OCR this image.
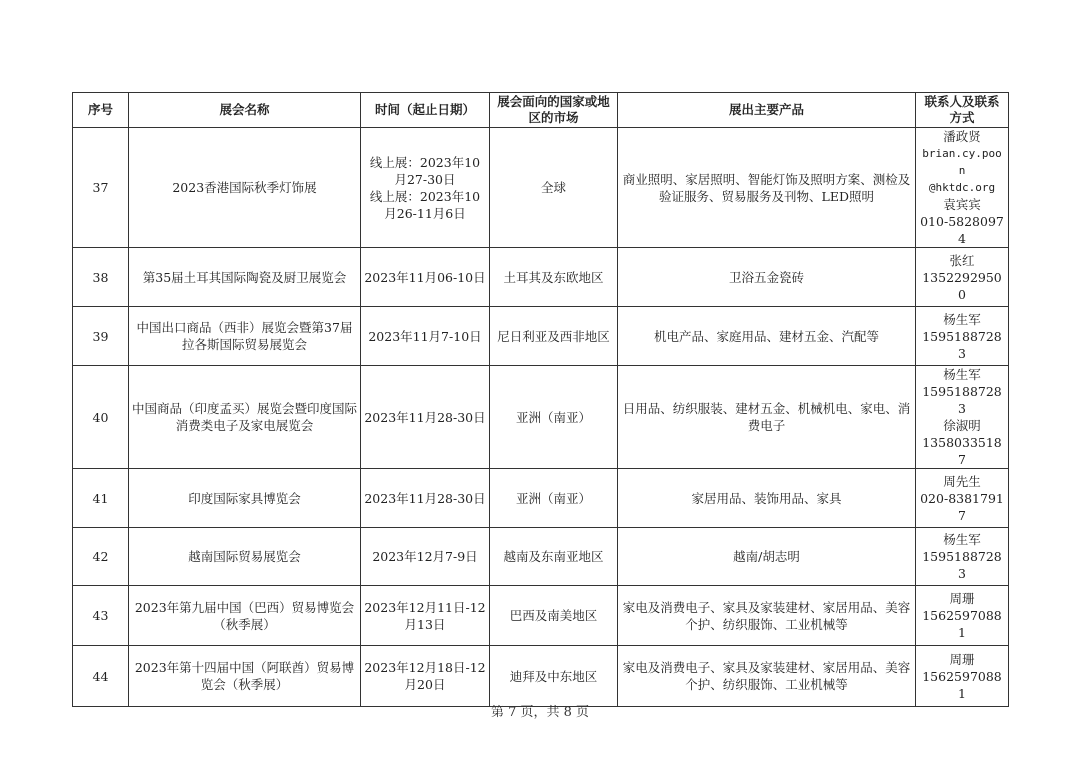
序号	展会名称	时间（起止日期）	展会面向的国家或地区的市场	展出主要产品	联系人及联系方式
37	2023香港国际秋季灯饰展	线上展：2023年10
月27-30日
线上展：2023年10
月26-11月6日	全球	商业照明、家居照明、智能灯饰及照明方案、测检及验证服务、贸易服务及刊物、LED照明	潘政贤
brian.cy.poon
@hktdc.org
袁宾宾
010-58280974

38	第35届土耳其国际陶瓷及厨卫展览会	2023年11月06-10日	土耳其及东欧地区	卫浴五金瓷砖	张红
13522929500

39	中国出口商品（西非）展览会暨第37届拉各斯国际贸易展览会	2023年11月7-10日	尼日利亚及西非地区	机电产品、家庭用品、建材五金、汽配等	杨生军
15951887283

40	中国商品（印度孟买）展览会暨印度国际消费类电子及家电展览会	2023年11月28-30日	亚洲（南亚）	日用品、纺织服装、建材五金、机械机电、家电、消费电子	杨生军
15951887283
徐淑明
13580335187

41	印度国际家具博览会	2023年11月28-30日	亚洲（南亚）	家居用品、装饰用品、家具	周先生
020-83817917

42	越南国际贸易展览会	2023年12月7-9日	越南及东南亚地区	越南/胡志明	杨生军
15951887283

43	2023年第九届中国（巴西）贸易博览会（秋季展）	2023年12月11日-12月13日	巴西及南美地区	家电及消费电子、家具及家装建材、家居用品、美容个护、纺织服饰、工业机械等	周珊
15625970881

44	2023年第十四届中国（阿联酋）贸易博览会（秋季展）	2023年12月18日-12月20日	迪拜及中东地区	家电及消费电子、家具及家装建材、家居用品、美容个护、纺织服饰、工业机械等	周珊
15625970881
第 7 页，共 8 页
